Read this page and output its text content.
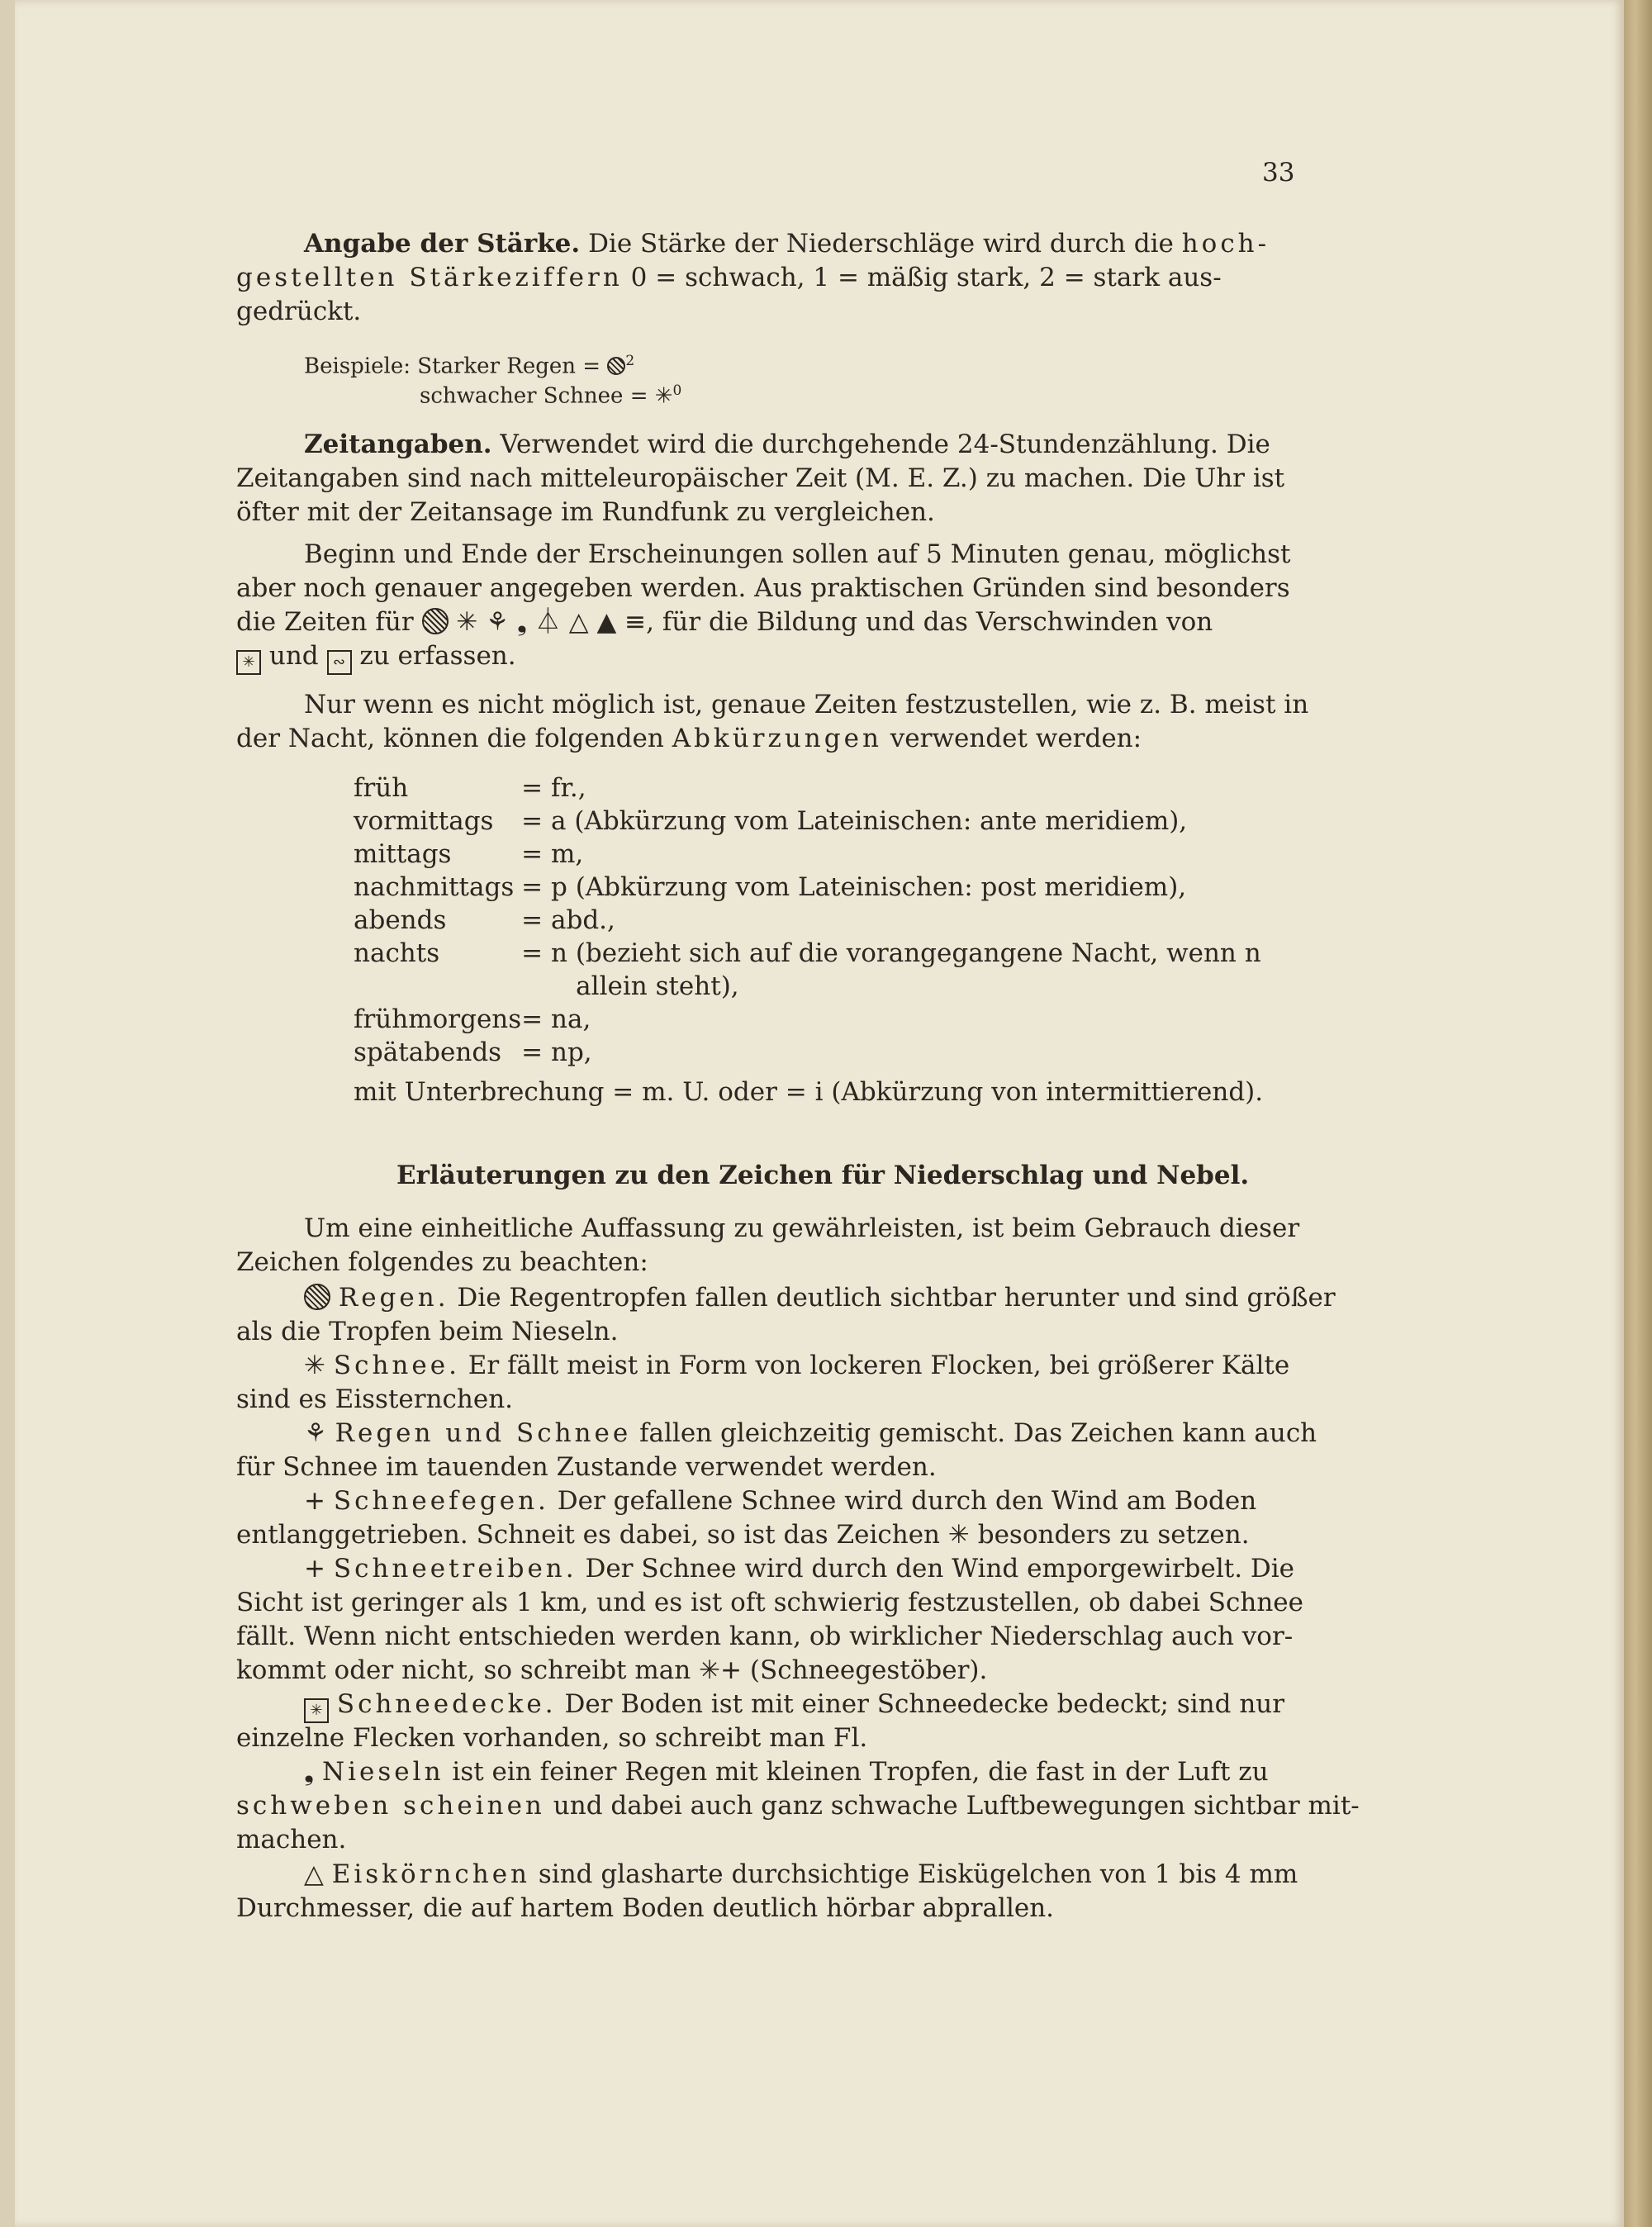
33
Angabe der Stärke. Die Stärke der Niederschläge wird durch die hoch-
gestellten Stärkeziffern 0 = schwach, 1 = mäßig stark, 2 = stark aus-
gedrückt.
Beispiele: Starker Regen = $^2$
schwacher Schnee = ✳$^0$
Zeitangaben. Verwendet wird die durchgehende 24-Stundenzählung. Die
Zeitangaben sind nach mitteleuropäischer Zeit (M. E. Z.) zu machen. Die Uhr ist
öfter mit der Zeitansage im Rundfunk zu vergleichen.
Beginn und Ende der Erscheinungen sollen auf 5 Minuten genau, möglichst
aber noch genauer angegeben werden. Aus praktischen Gründen sind besonders
die Zeiten für ✳ ⚘ ❟ ⏃ △ ▲ ≡, für die Bildung und das Verschwinden von
✳ und ∾ zu erfassen.
Nur wenn es nicht möglich ist, genaue Zeiten festzustellen, wie z. B. meist in
der Nacht, können die folgenden Abkürzungen verwendet werden:
früh	= fr.,
vormittags	= a (Abkürzung vom Lateinischen: ante meridiem),
mittags	= m,
nachmittags	= p (Abkürzung vom Lateinischen: post meridiem),
abends	= abd.,
nachts	= n (bezieht sich auf die vorangegangene Nacht, wenn n
	allein steht),
frühmorgens	= na,
spätabends	= np,
mit Unterbrechung = m. U. oder = i (Abkürzung von intermittierend).
Erläuterungen zu den Zeichen für Niederschlag und Nebel.
Um eine einheitliche Auffassung zu gewährleisten, ist beim Gebrauch dieser
Zeichen folgendes zu beachten:
Regen. Die Regentropfen fallen deutlich sichtbar herunter und sind größer
als die Tropfen beim Nieseln.
✳ Schnee. Er fällt meist in Form von lockeren Flocken, bei größerer Kälte
sind es Eissternchen.
⚘ Regen und Schnee fallen gleichzeitig gemischt. Das Zeichen kann auch
für Schnee im tauenden Zustande verwendet werden.
+ Schneefegen. Der gefallene Schnee wird durch den Wind am Boden
entlanggetrieben. Schneit es dabei, so ist das Zeichen ✳ besonders zu setzen.
+ Schneetreiben. Der Schnee wird durch den Wind emporgewirbelt. Die
Sicht ist geringer als 1 km, und es ist oft schwierig festzustellen, ob dabei Schnee
fällt. Wenn nicht entschieden werden kann, ob wirklicher Niederschlag auch vor-
kommt oder nicht, so schreibt man ✳+ (Schneegestöber).
✳ Schneedecke. Der Boden ist mit einer Schneedecke bedeckt; sind nur
einzelne Flecken vorhanden, so schreibt man Fl.
❟ Nieseln ist ein feiner Regen mit kleinen Tropfen, die fast in der Luft zu
schweben scheinen und dabei auch ganz schwache Luftbewegungen sichtbar mit-
machen.
△ Eiskörnchen sind glasharte durchsichtige Eiskügelchen von 1 bis 4 mm
Durchmesser, die auf hartem Boden deutlich hörbar abprallen.
